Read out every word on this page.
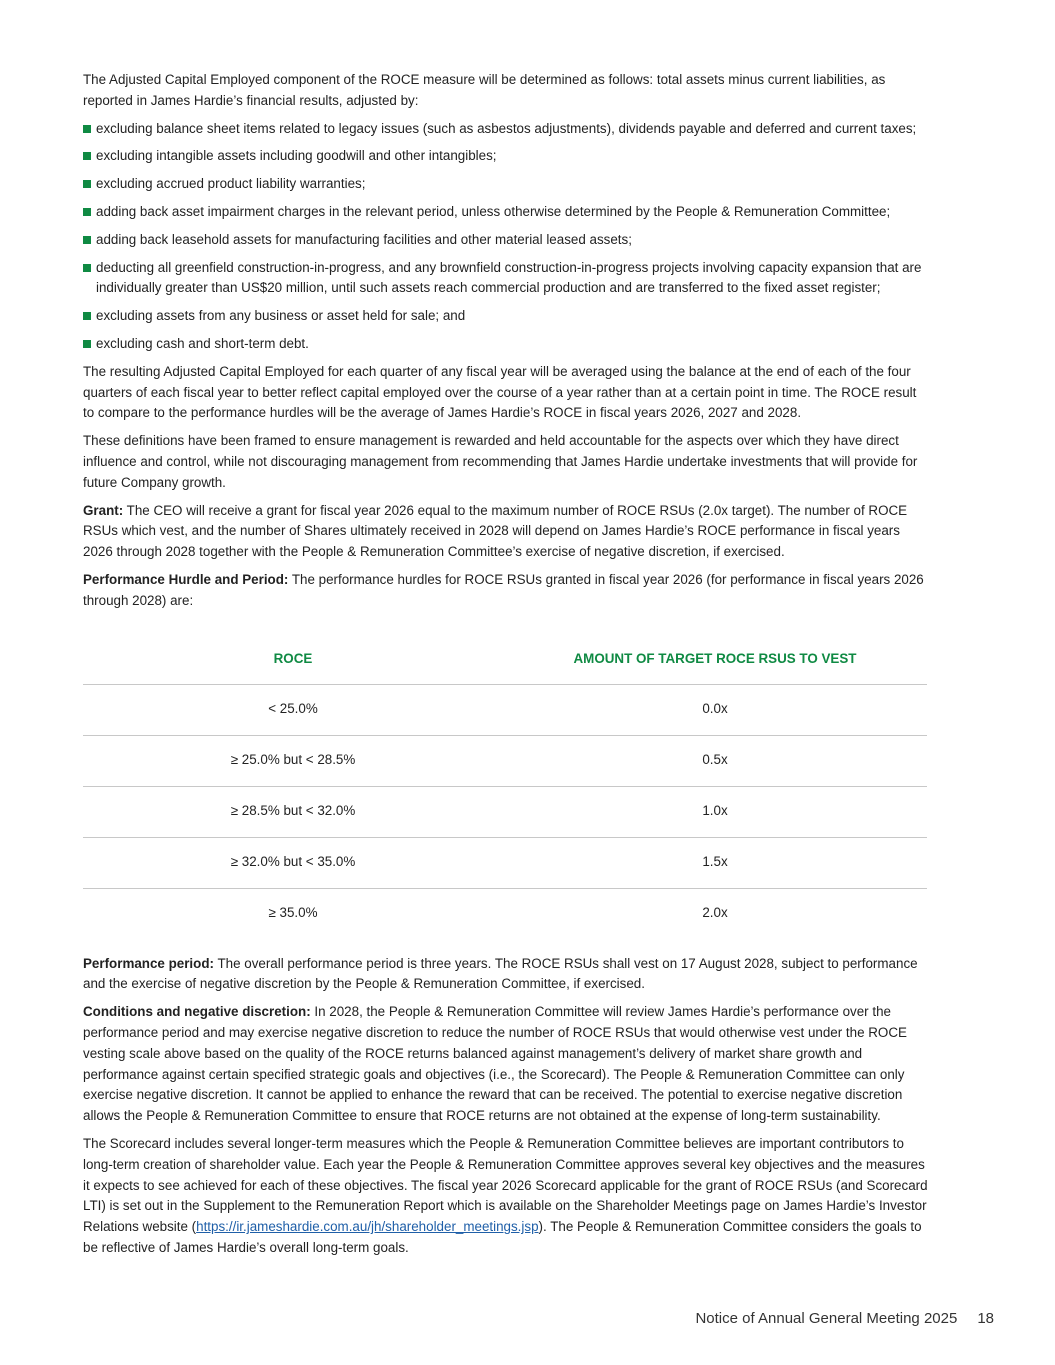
The Adjusted Capital Employed component of the ROCE measure will be determined as follows: total assets minus current liabilities, as reported in James Hardie’s financial results, adjusted by:

excluding balance sheet items related to legacy issues (such as asbestos adjustments), dividends payable and deferred and current taxes;
excluding intangible assets including goodwill and other intangibles;
excluding accrued product liability warranties;
adding back asset impairment charges in the relevant period, unless otherwise determined by the People & Remuneration Committee;
adding back leasehold assets for manufacturing facilities and other material leased assets;
deducting all greenfield construction-in-progress, and any brownfield construction-in-progress projects involving capacity expansion that are individually greater than US$20 million, until such assets reach commercial production and are transferred to the fixed asset register;
excluding assets from any business or asset held for sale; and
excluding cash and short-term debt.

The resulting Adjusted Capital Employed for each quarter of any fiscal year will be averaged using the balance at the end of each of the four quarters of each fiscal year to better reflect capital employed over the course of a year rather than at a certain point in time. The ROCE result to compare to the performance hurdles will be the average of James Hardie’s ROCE in fiscal years 2026, 2027 and 2028.

These definitions have been framed to ensure management is rewarded and held accountable for the aspects over which they have direct influence and control, while not discouraging management from recommending that James Hardie undertake investments that will provide for future Company growth.

Grant: The CEO will receive a grant for fiscal year 2026 equal to the maximum number of ROCE RSUs (2.0x target). The number of ROCE RSUs which vest, and the number of Shares ultimately received in 2028 will depend on James Hardie’s ROCE performance in fiscal years 2026 through 2028 together with the People & Remuneration Committee’s exercise of negative discretion, if exercised.

Performance Hurdle and Period: The performance hurdles for ROCE RSUs granted in fiscal year 2026 (for performance in fiscal years 2026 through 2028) are:

ROCE	AMOUNT OF TARGET ROCE RSUS TO VEST
< 25.0%	0.0x
≥ 25.0% but < 28.5%	0.5x
≥ 28.5% but < 32.0%	1.0x
≥ 32.0% but < 35.0%	1.5x
≥ 35.0%	2.0x

Performance period: The overall performance period is three years. The ROCE RSUs shall vest on 17 August 2028, subject to performance and the exercise of negative discretion by the People & Remuneration Committee, if exercised.

Conditions and negative discretion: In 2028, the People & Remuneration Committee will review James Hardie’s performance over the performance period and may exercise negative discretion to reduce the number of ROCE RSUs that would otherwise vest under the ROCE vesting scale above based on the quality of the ROCE returns balanced against management’s delivery of market share growth and performance against certain specified strategic goals and objectives (i.e., the Scorecard). The People & Remuneration Committee can only exercise negative discretion. It cannot be applied to enhance the reward that can be received. The potential to exercise negative discretion allows the People & Remuneration Committee to ensure that ROCE returns are not obtained at the expense of long-term sustainability.

The Scorecard includes several longer-term measures which the People & Remuneration Committee believes are important contributors to long-term creation of shareholder value. Each year the People & Remuneration Committee approves several key objectives and the measures it expects to see achieved for each of these objectives. The fiscal year 2026 Scorecard applicable for the grant of ROCE RSUs (and Scorecard LTI) is set out in the Supplement to the Remuneration Report which is available on the Shareholder Meetings page on James Hardie’s Investor Relations website (https://ir.jameshardie.com.au/jh/shareholder_meetings.jsp). The People & Remuneration Committee considers the goals to be reflective of James Hardie’s overall long-term goals.

Notice of Annual General Meeting 2025 18
